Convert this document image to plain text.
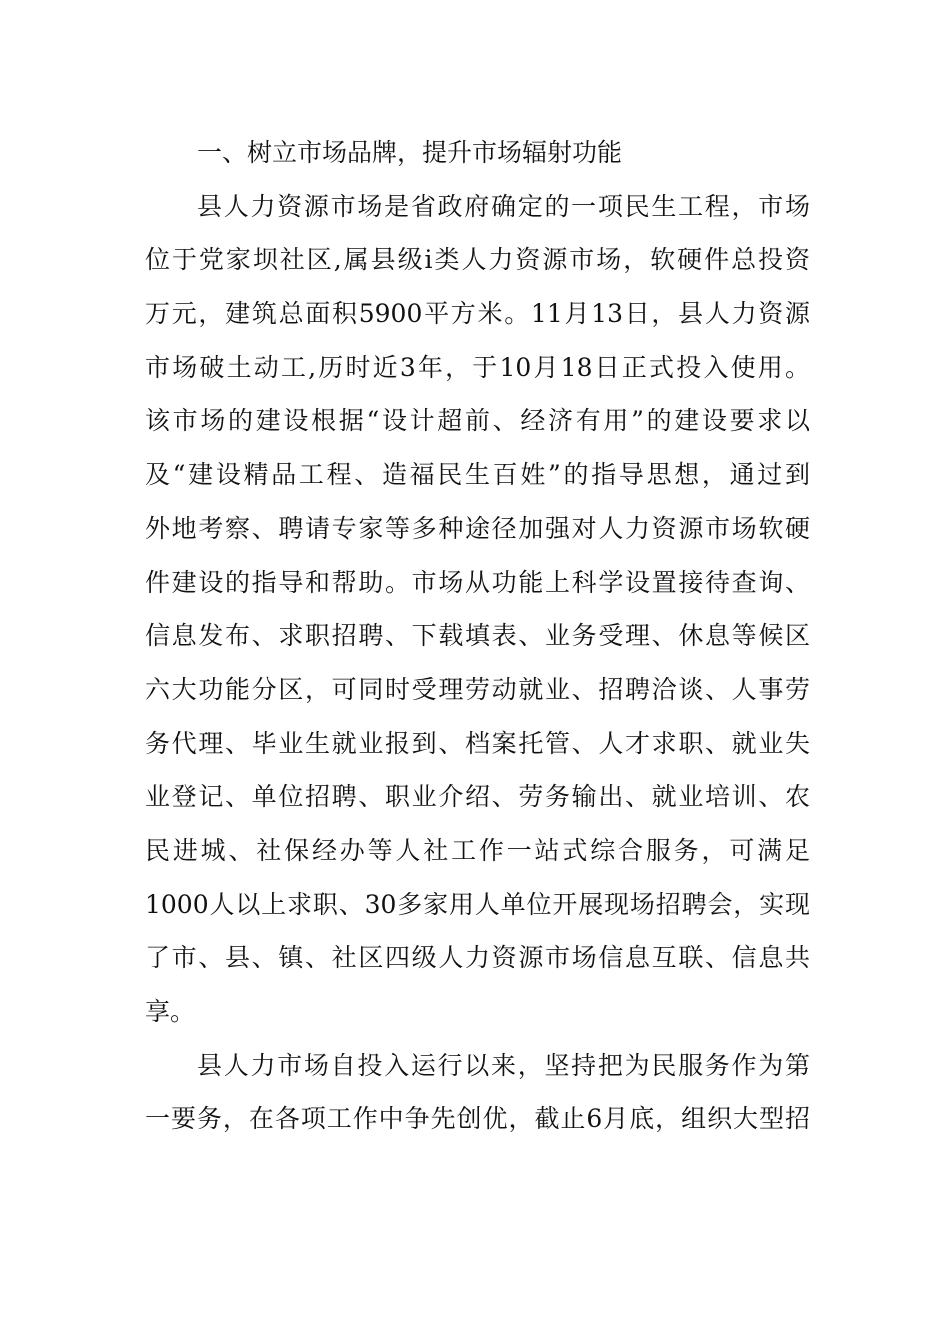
一、树立市场品牌，提升市场辐射功能
县人力资源市场是省政府确定的一项民生工程，市场
位于党家坝社区,属县级ⅰ类人力资源市场，软硬件总投资
万元，建筑总面积5900平方米。11月13日，县人力资源
市场破土动工,历时近3年，于10月18日正式投入使用。
该市场的建设根据“设计超前、经济有用”的建设要求以
及“建设精品工程、造福民生百姓”的指导思想，通过到
外地考察、聘请专家等多种途径加强对人力资源市场软硬
件建设的指导和帮助。市场从功能上科学设置接待查询、
信息发布、求职招聘、下载填表、业务受理、休息等候区
六大功能分区，可同时受理劳动就业、招聘洽谈、人事劳
务代理、毕业生就业报到、档案托管、人才求职、就业失
业登记、单位招聘、职业介绍、劳务输出、就业培训、农
民进城、社保经办等人社工作一站式综合服务，可满足
1000人以上求职、30多家用人单位开展现场招聘会，实现
了市、县、镇、社区四级人力资源市场信息互联、信息共
享。
县人力市场自投入运行以来，坚持把为民服务作为第
一要务，在各项工作中争先创优，截止6月底，组织大型招
